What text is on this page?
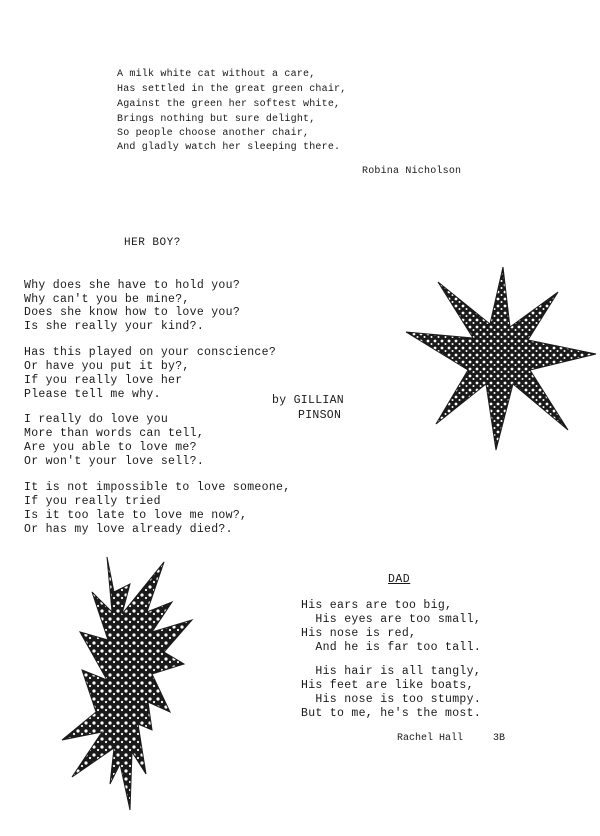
A milk white cat without a care,
Has settled in the great green chair,
Against the green her softest white,
Brings nothing but sure delight,
So people choose another chair,
And gladly watch her sleeping there.
Robina Nicholson
HER BOY?
Why does she have to hold you?
Why can't you be mine?,
Does she know how to love you?
Is she really your kind?.
Has this played on your conscience?
Or have you put it by?,
If you really love her
Please tell me why.
I really do love you
More than words can tell,
Are you able to love me?
Or won't your love sell?.
It is not impossible to love someone,
If you really tried
Is it too late to love me now?,
Or has my love already died?.
by GILLIAN
PINSON
DAD
His ears are too big,
His eyes are too small,
His nose is red,
And he is far too tall.
His hair is all tangly,
His feet are like boats,
His nose is too stumpy.
But to me, he's the most.
Rachel Hall	3B
